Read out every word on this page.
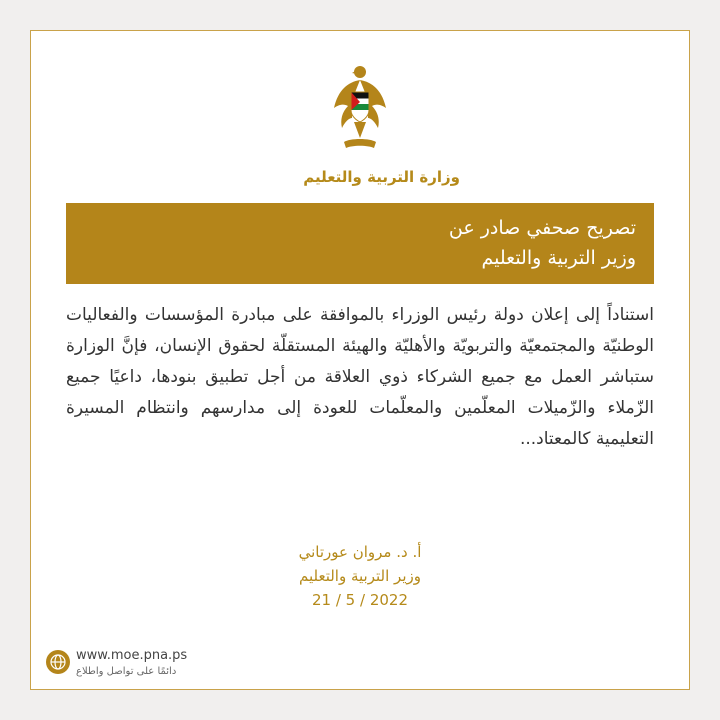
وزارة التربية والتعليم
تصريح صحفي صادر عن
وزير التربية والتعليم
استناداً إلى إعلان دولة رئيس الوزراء بالموافقة على مبادرة المؤسسات والفعاليات الوطنيّة والمجتمعيّة والتربويّة والأهليّة والهيئة المستقلّة لحقوق الإنسان، فإنَّ الوزارة ستباشر العمل مع جميع الشركاء ذوي العلاقة من أجل تطبيق بنودها، داعيًا جميع الزّملاء والزّميلات المعلّمين والمعلّمات للعودة إلى مدارسهم وانتظام المسيرة التعليمية كالمعتاد...
أ. د. مروان عورتاني
وزير التربية والتعليم
2022 / 5 / 21
www.moe.pna.ps
دائمًا على تواصل واطلاع
